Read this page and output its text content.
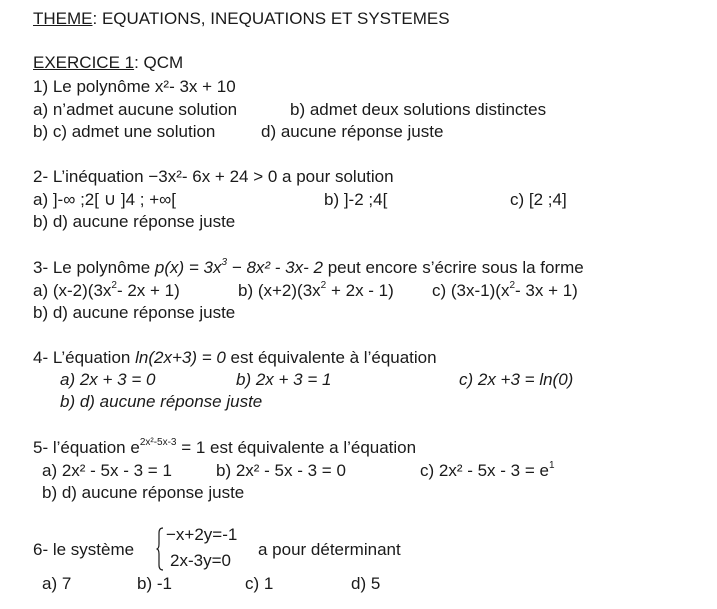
THEME: EQUATIONS, INEQUATIONS ET SYSTEMES
EXERCICE 1: QCM
1) Le polynôme x²- 3x + 10
a) n’admet aucune solution	b) admet deux solutions distinctes
b) c) admet une solution	d) aucune réponse juste
2- L’inéquation −3x²- 6x + 24 > 0 a pour solution
a) ]-∞ ;2[ ∪ ]4 ; +∞[	b) ]-2 ;4[	c) [2 ;4]
b) d) aucune réponse juste
3- Le polynôme $p(x) = 3x^3 - 8x^2 - 3x-$ 2 peut encore s’écrire sous la forme
a) $(x-2)(3x^2-$ 2x + 1)	b) $(x+2)(3x^2 + 2x - 1)$ c) $(3x-1)(x^2-$ 3x + 1)
b) d) aucune réponse juste
4- L’équation ln(2x+3) = 0 est équivalente à l’équation
a) 2x + 3 = 0	b) 2x + 3 = 1	c) 2x +3 = ln(0)
b) d) aucune réponse juste
5- l’équation $e^{2x^2-5x-3} = 1$ est équivalente a l’équation
a) 2x² - 5x - 3 = 1	b) 2x² - 5x - 3 = 0	c) $2x^2 - 5x - 3 = e^1$
b) d) aucune réponse juste
6- le système
−x+2y=-1
2x-3y=0
a pour déterminant
a) 7	b) -1	c) 1	d) 5
